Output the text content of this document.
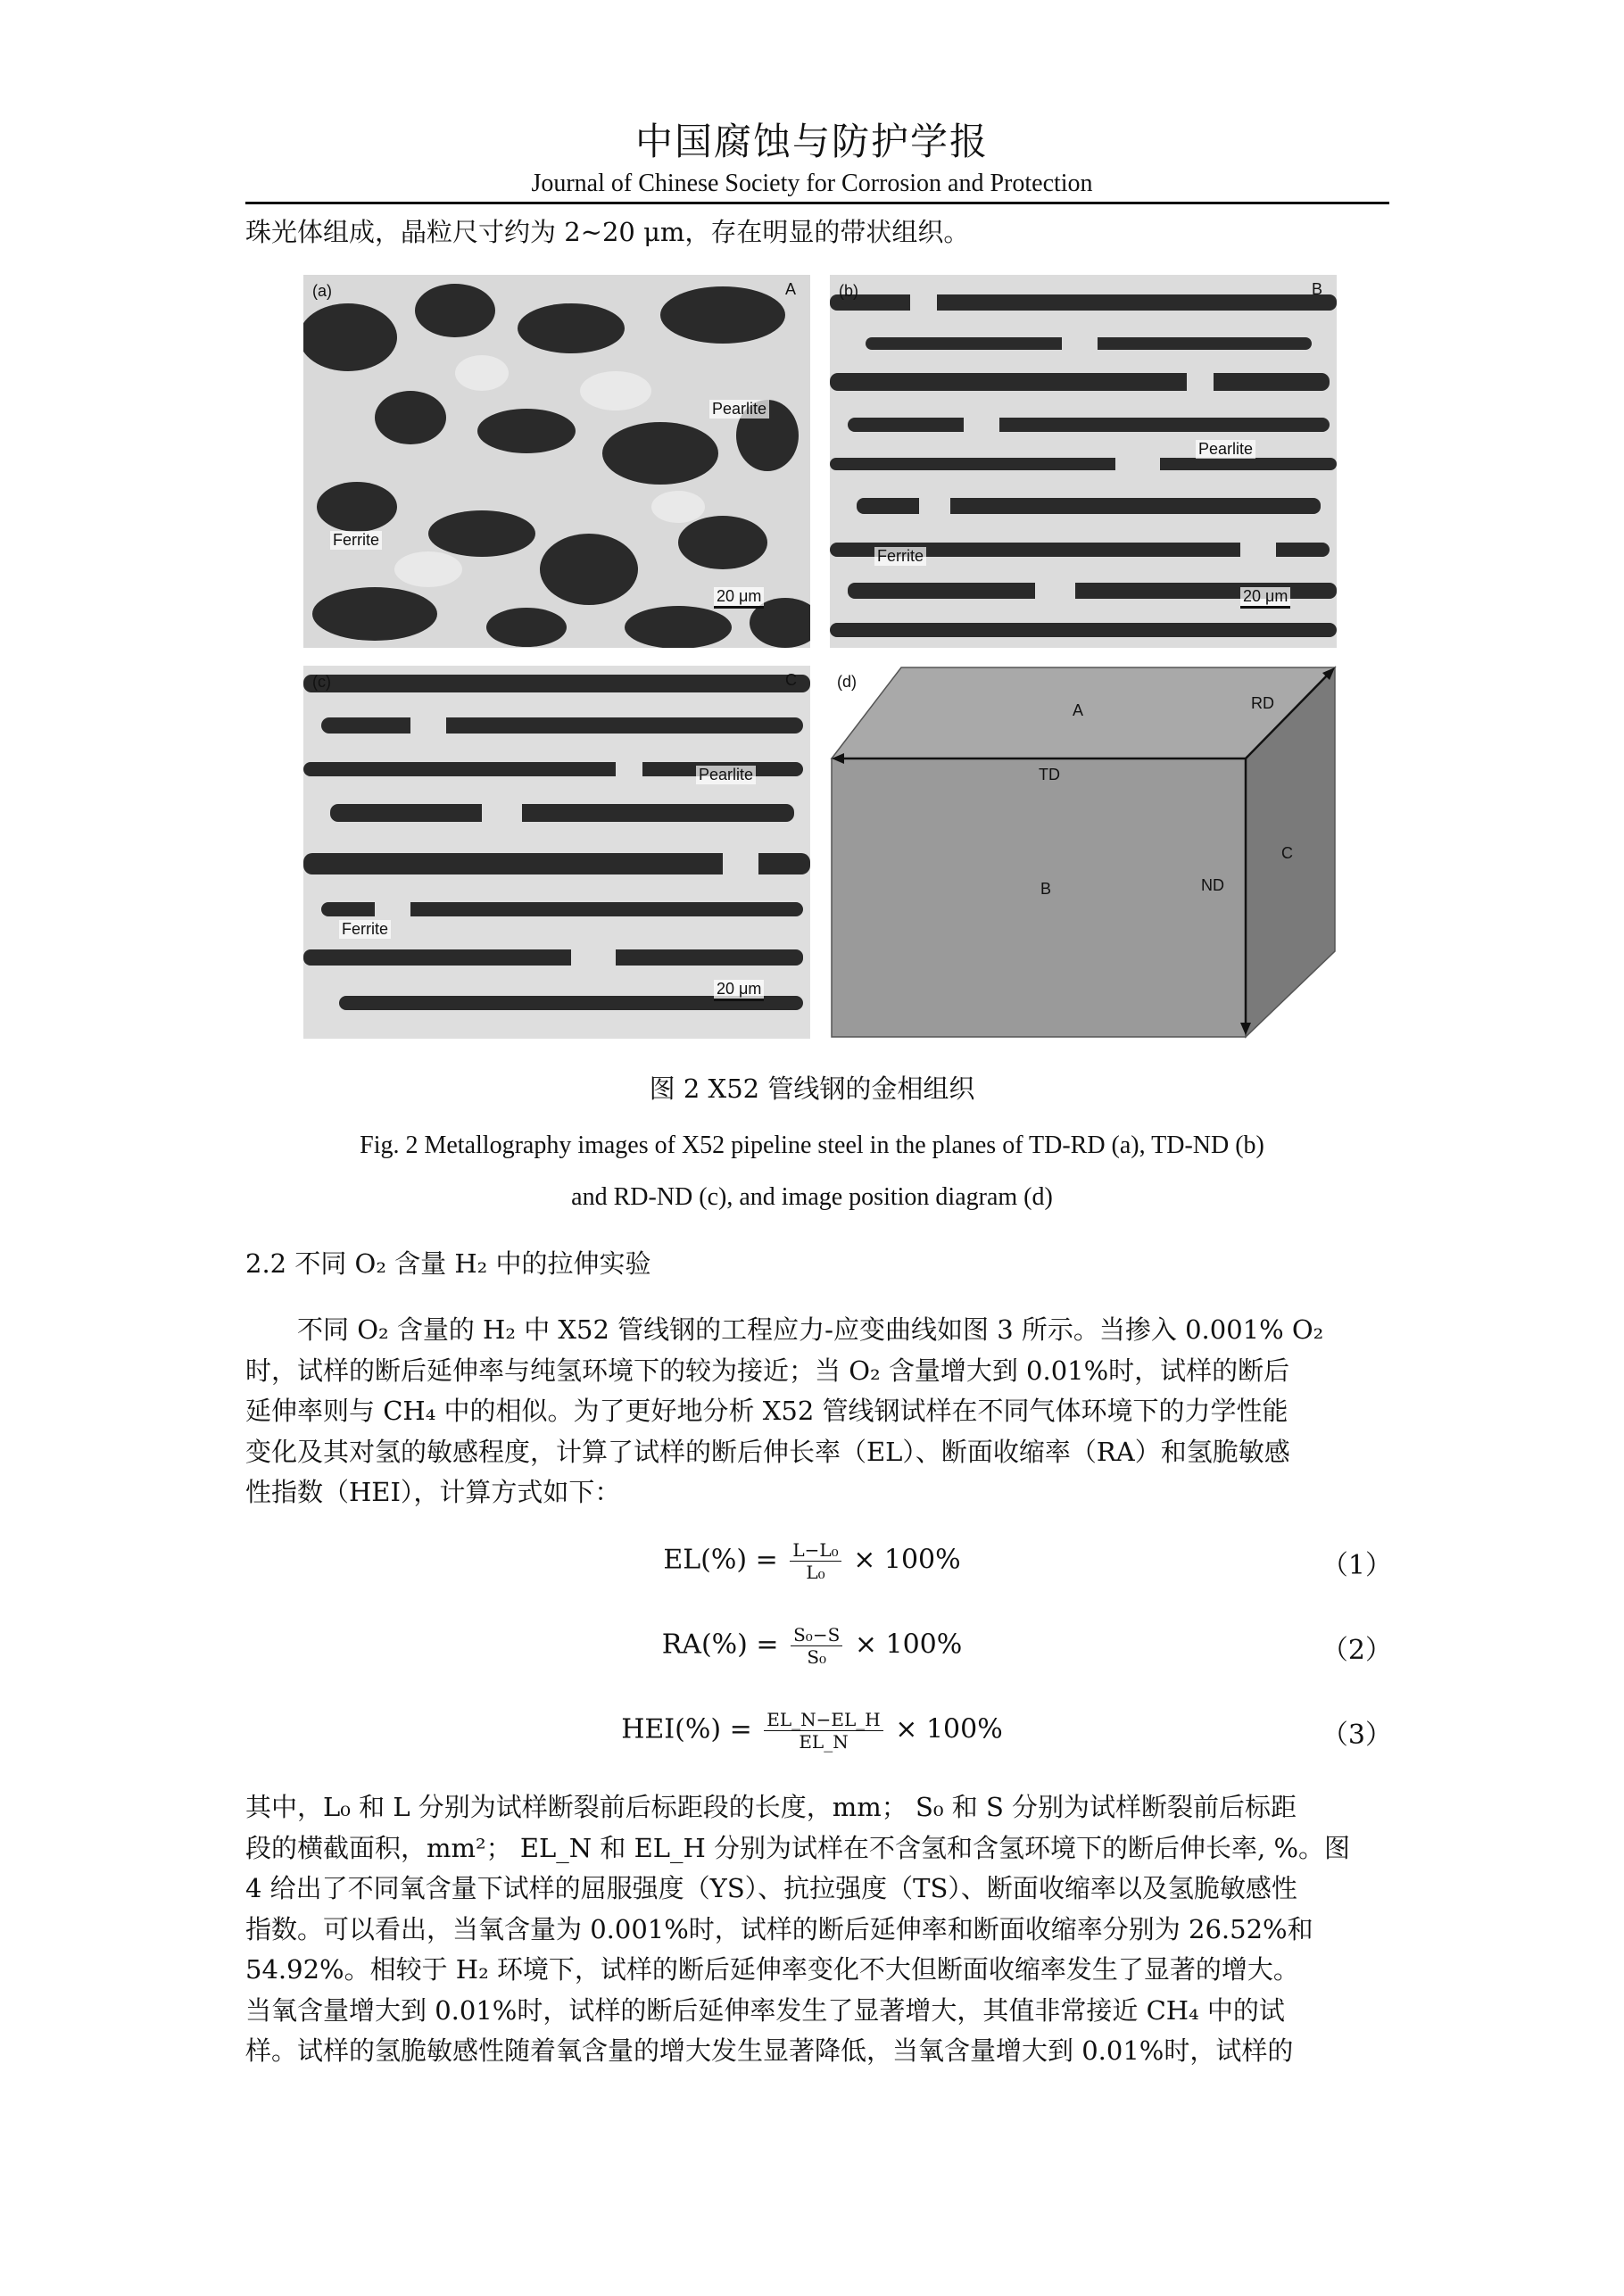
中国腐蚀与防护学报
Journal of Chinese Society for Corrosion and Protection
珠光体组成，晶粒尺寸约为 2~20 μm，存在明显的带状组织。
(a)	A
Pearlite
Ferrite
20 μm
(b)	B
Pearlite
Ferrite
20 μm
(c)	C
Pearlite
Ferrite
20 μm
(d)
A	RD
TD
B	ND
C
图 2 X52 管线钢的金相组织
Fig. 2 Metallography images of X52 pipeline steel in the planes of TD-RD (a), TD-ND (b)
and RD-ND (c), and image position diagram (d)
2.2 不同 O₂ 含量 H₂ 中的拉伸实验
不同 O₂ 含量的 H₂ 中 X52 管线钢的工程应力-应变曲线如图 3 所示。当掺入 0.001% O₂
时，试样的断后延伸率与纯氢环境下的较为接近；当 O₂ 含量增大到 0.01%时，试样的断后
延伸率则与 CH₄ 中的相似。为了更好地分析 X52 管线钢试样在不同气体环境下的力学性能
变化及其对氢的敏感程度，计算了试样的断后伸长率（EL）、断面收缩率（RA）和氢脆敏感
性指数（HEI），计算方式如下：
$EL(\%) = \frac{\text{L−L₀}}{\text{L₀}} \times 100\%$	（1）
$RA(\%) = \frac{\text{S₀−S}}{\text{S₀}} \times 100\%$	（2）
$HEI(\%) = \frac{EL\_N-EL\_H}{EL\_N} \times 100\%$	（3）
其中，L₀ 和 L 分别为试样断裂前后标距段的长度，mm； S₀ 和 S 分别为试样断裂前后标距
段的横截面积，mm²； EL_N 和 EL_H 分别为试样在不含氢和含氢环境下的断后伸长率, %。图
4 给出了不同氧含量下试样的屈服强度（YS）、抗拉强度（TS）、断面收缩率以及氢脆敏感性
指数。可以看出，当氧含量为 0.001%时，试样的断后延伸率和断面收缩率分别为 26.52%和
54.92%。相较于 H₂ 环境下，试样的断后延伸率变化不大但断面收缩率发生了显著的增大。
当氧含量增大到 0.01%时，试样的断后延伸率发生了显著增大，其值非常接近 CH₄ 中的试
样。试样的氢脆敏感性随着氧含量的增大发生显著降低，当氧含量增大到 0.01%时，试样的
